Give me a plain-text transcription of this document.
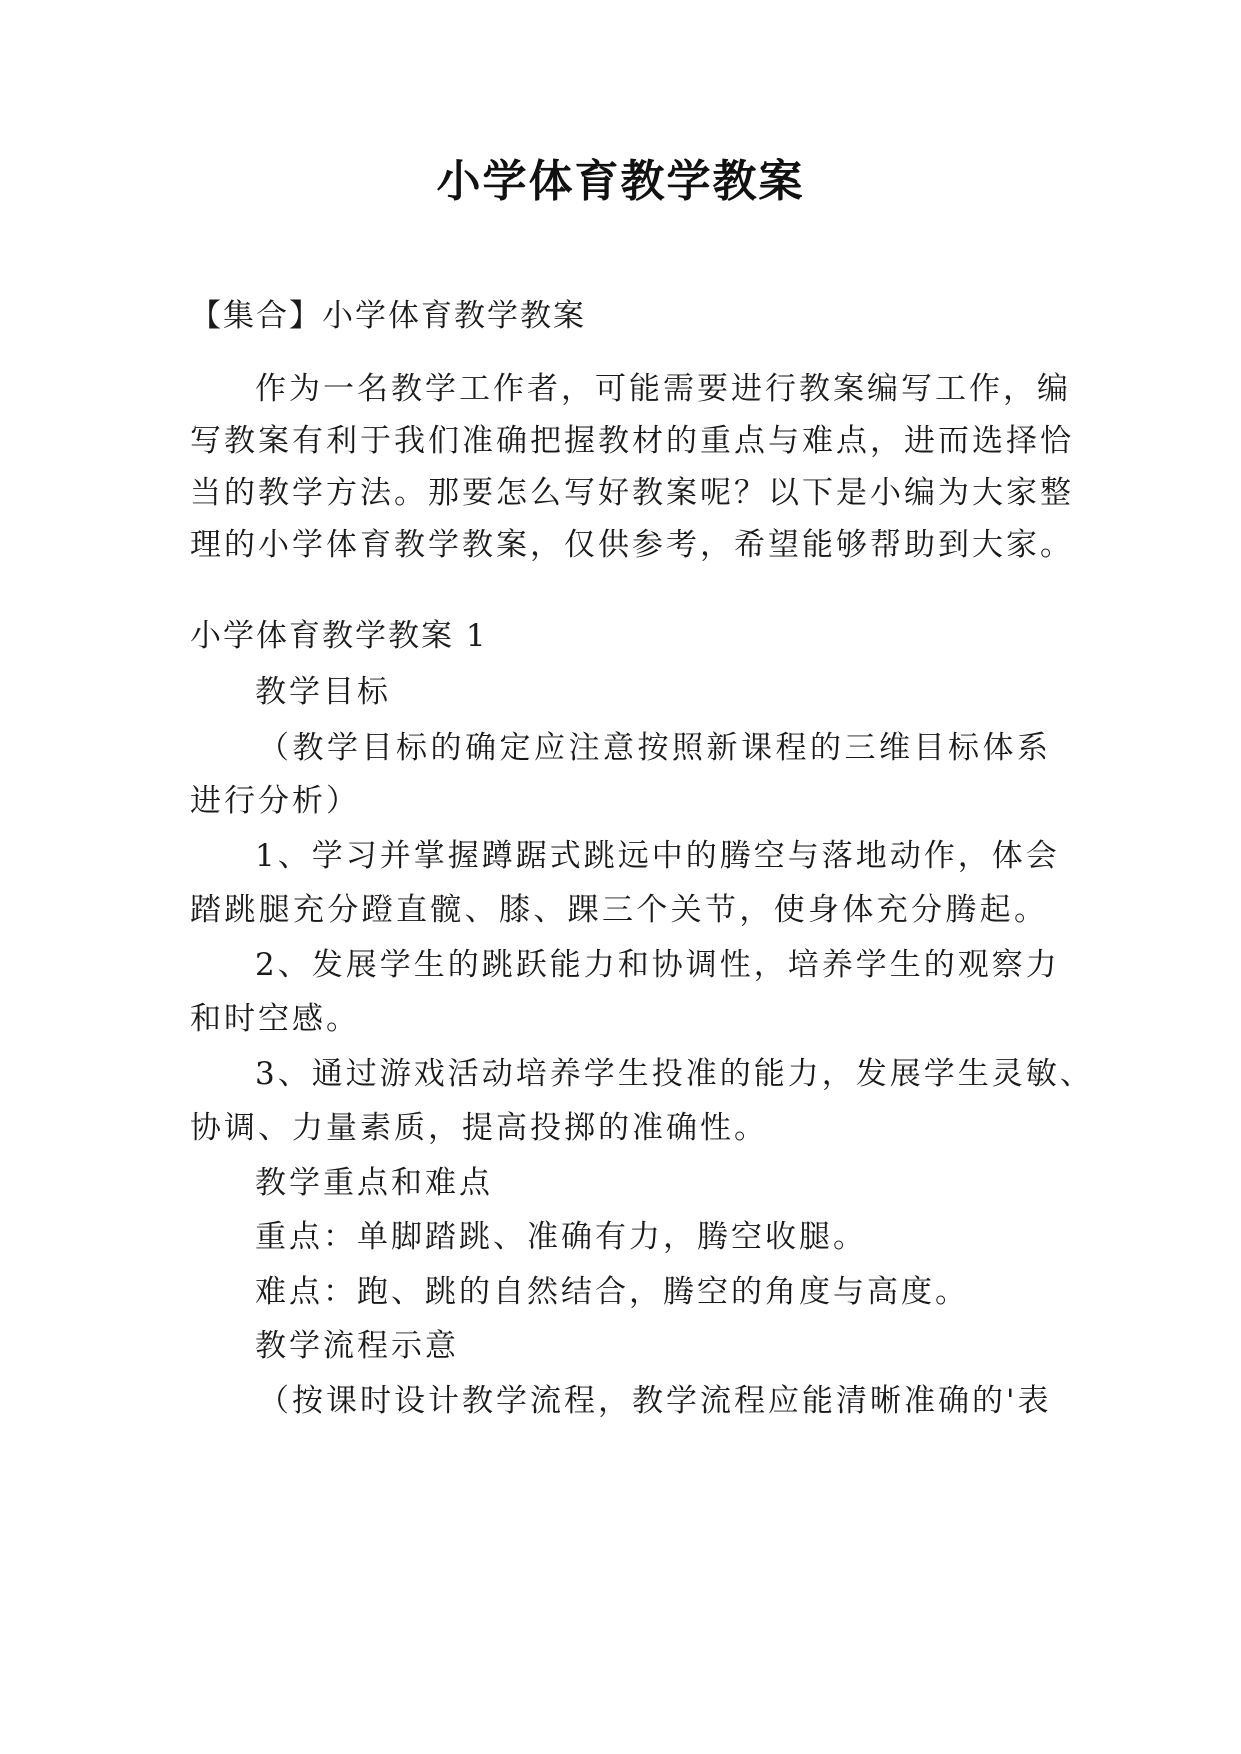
小学体育教学教案
【集合】小学体育教学教案
作为一名教学工作者，可能需要进行教案编写工作，编
写教案有利于我们准确把握教材的重点与难点，进而选择恰
当的教学方法。那要怎么写好教案呢？以下是小编为大家整
理的小学体育教学教案，仅供参考，希望能够帮助到大家。
小学体育教学教案 1
教学目标
（教学目标的确定应注意按照新课程的三维目标体系
进行分析）
1、学习并掌握蹲踞式跳远中的腾空与落地动作，体会
踏跳腿充分蹬直髋、膝、踝三个关节，使身体充分腾起。
2、发展学生的跳跃能力和协调性，培养学生的观察力
和时空感。
3、通过游戏活动培养学生投准的能力，发展学生灵敏、
协调、力量素质，提高投掷的准确性。
教学重点和难点
重点：单脚踏跳、准确有力，腾空收腿。
难点：跑、跳的自然结合，腾空的角度与高度。
教学流程示意
（按课时设计教学流程，教学流程应能清晰准确的'表
